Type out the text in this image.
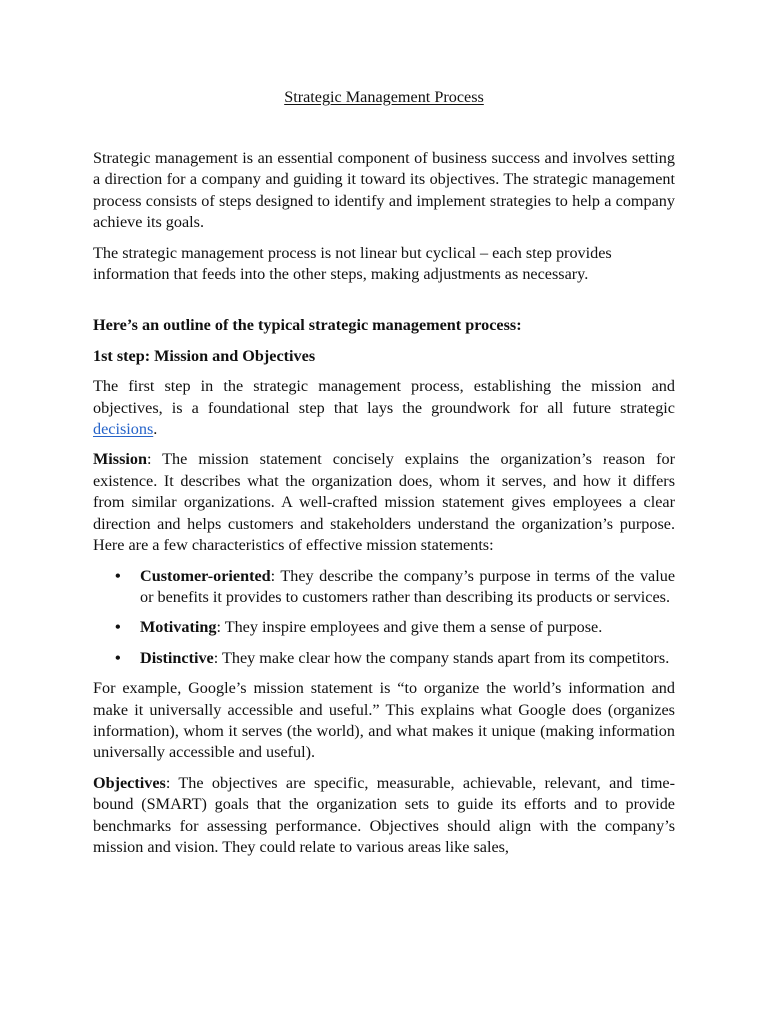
Strategic Management Process

Strategic management is an essential component of business success and involves setting a direction for a company and guiding it toward its objectives. The strategic management process consists of steps designed to identify and implement strategies to help a company achieve its goals.

The strategic management process is not linear but cyclical – each step provides information that feeds into the other steps, making adjustments as necessary.

Here’s an outline of the typical strategic management process:

1st step: Mission and Objectives

The first step in the strategic management process, establishing the mission and objectives, is a foundational step that lays the groundwork for all future strategic decisions.

Mission: The mission statement concisely explains the organization’s reason for existence. It describes what the organization does, whom it serves, and how it differs from similar organizations. A well-crafted mission statement gives employees a clear direction and helps customers and stakeholders understand the organization’s purpose. Here are a few characteristics of effective mission statements:

• Customer-oriented: They describe the company’s purpose in terms of the value or benefits it provides to customers rather than describing its products or services.
• Motivating: They inspire employees and give them a sense of purpose.
• Distinctive: They make clear how the company stands apart from its competitors.

For example, Google’s mission statement is “to organize the world’s information and make it universally accessible and useful.” This explains what Google does (organizes information), whom it serves (the world), and what makes it unique (making information universally accessible and useful).

Objectives: The objectives are specific, measurable, achievable, relevant, and time-bound (SMART) goals that the organization sets to guide its efforts and to provide benchmarks for assessing performance. Objectives should align with the company’s mission and vision. They could relate to various areas like sales,
